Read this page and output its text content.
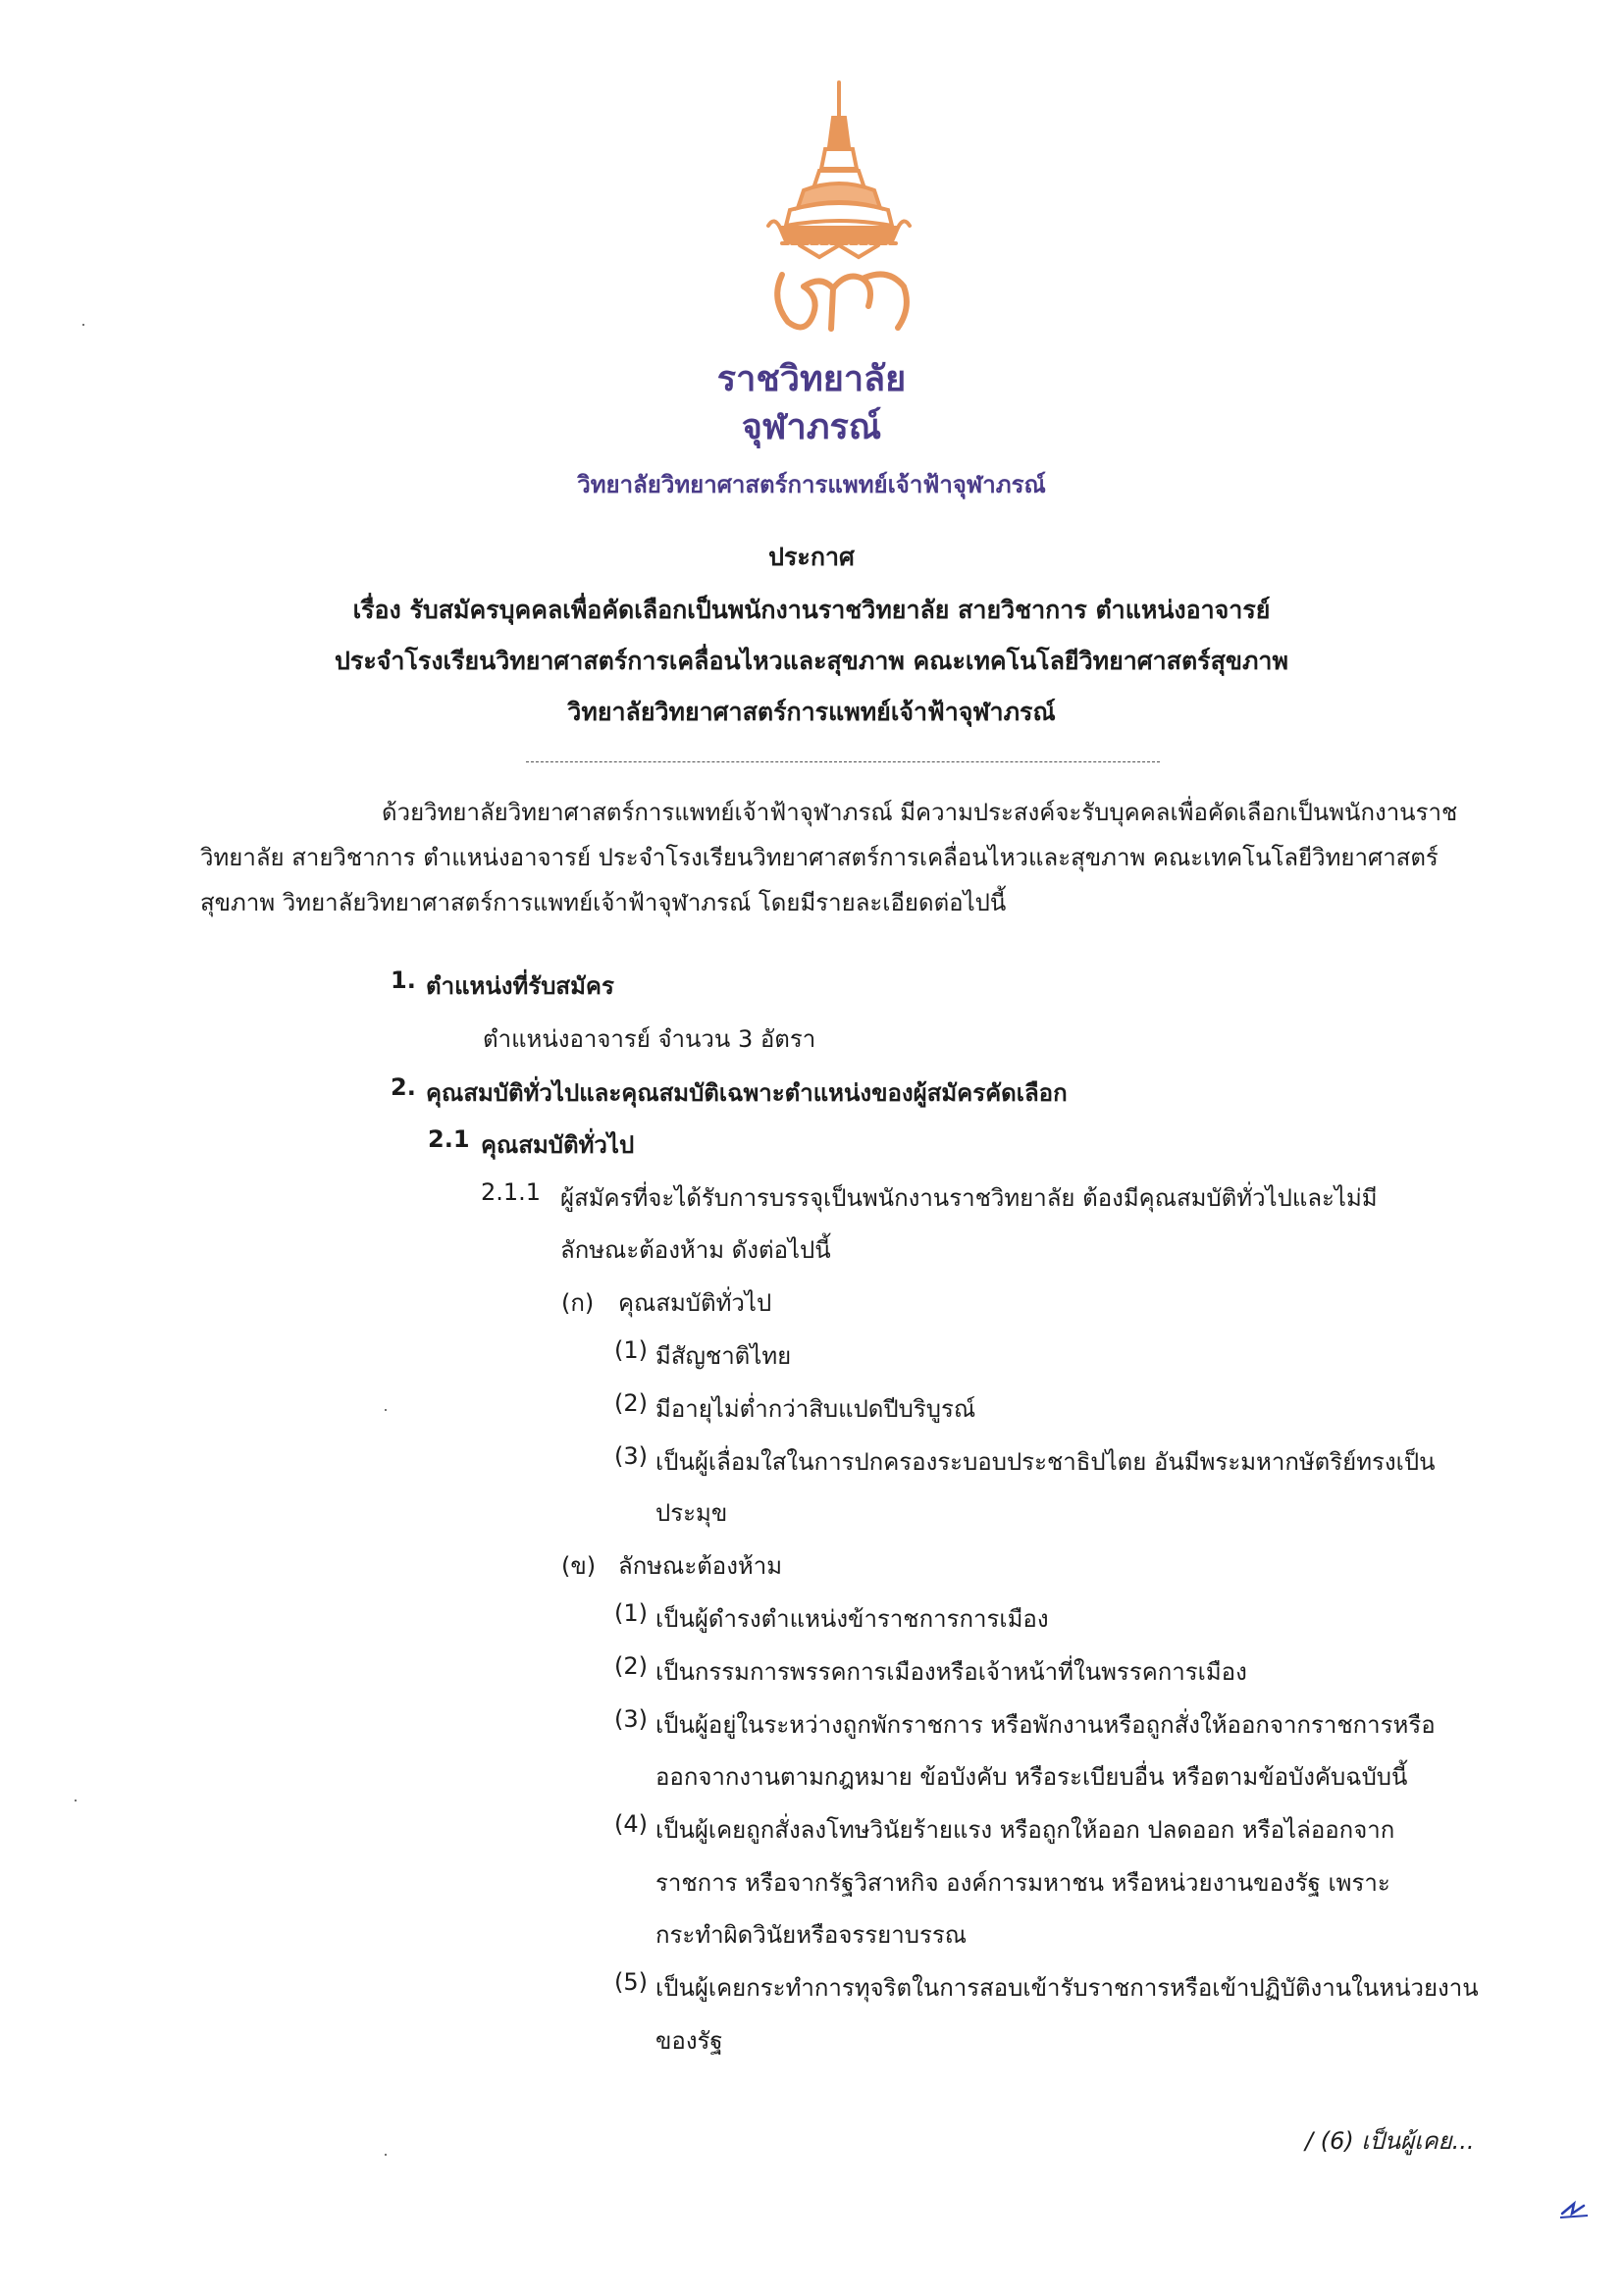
ราชวิทยาลัย
จุฬาภรณ์
วิทยาลัยวิทยาศาสตร์การแพทย์เจ้าฟ้าจุฬาภรณ์
ประกาศ
เรื่อง รับสมัครบุคคลเพื่อคัดเลือกเป็นพนักงานราชวิทยาลัย สายวิชาการ ตำแหน่งอาจารย์
ประจำโรงเรียนวิทยาศาสตร์การเคลื่อนไหวและสุขภาพ คณะเทคโนโลยีวิทยาศาสตร์สุขภาพ
วิทยาลัยวิทยาศาสตร์การแพทย์เจ้าฟ้าจุฬาภรณ์

ด้วยวิทยาลัยวิทยาศาสตร์การแพทย์เจ้าฟ้าจุฬาภรณ์ มีความประสงค์จะรับบุคคลเพื่อคัดเลือกเป็นพนักงานราชวิทยาลัย สายวิชาการ ตำแหน่งอาจารย์ ประจำโรงเรียนวิทยาศาสตร์การเคลื่อนไหวและสุขภาพ คณะเทคโนโลยีวิทยาศาสตร์สุขภาพ วิทยาลัยวิทยาศาสตร์การแพทย์เจ้าฟ้าจุฬาภรณ์ โดยมีรายละเอียดต่อไปนี้

1. ตำแหน่งที่รับสมัคร
ตำแหน่งอาจารย์ จำนวน 3 อัตรา
2. คุณสมบัติทั่วไปและคุณสมบัติเฉพาะตำแหน่งของผู้สมัครคัดเลือก
2.1 คุณสมบัติทั่วไป
2.1.1 ผู้สมัครที่จะได้รับการบรรจุเป็นพนักงานราชวิทยาลัย ต้องมีคุณสมบัติทั่วไปและไม่มี
ลักษณะต้องห้าม ดังต่อไปนี้
(ก) คุณสมบัติทั่วไป
(1) มีสัญชาติไทย
(2) มีอายุไม่ต่ำกว่าสิบแปดปีบริบูรณ์
(3) เป็นผู้เลื่อมใสในการปกครองระบอบประชาธิปไตย อันมีพระมหากษัตริย์ทรงเป็น
ประมุข
(ข) ลักษณะต้องห้าม
(1) เป็นผู้ดำรงตำแหน่งข้าราชการการเมือง
(2) เป็นกรรมการพรรคการเมืองหรือเจ้าหน้าที่ในพรรคการเมือง
(3) เป็นผู้อยู่ในระหว่างถูกพักราชการ หรือพักงานหรือถูกสั่งให้ออกจากราชการหรือ
ออกจากงานตามกฎหมาย ข้อบังคับ หรือระเบียบอื่น หรือตามข้อบังคับฉบับนี้
(4) เป็นผู้เคยถูกสั่งลงโทษวินัยร้ายแรง หรือถูกให้ออก ปลดออก หรือไล่ออกจาก
ราชการ หรือจากรัฐวิสาหกิจ องค์การมหาชน หรือหน่วยงานของรัฐ เพราะ
กระทำผิดวินัยหรือจรรยาบรรณ
(5) เป็นผู้เคยกระทำการทุจริตในการสอบเข้ารับราชการหรือเข้าปฏิบัติงานในหน่วยงาน
ของรัฐ
/ (6) เป็นผู้เคย...
